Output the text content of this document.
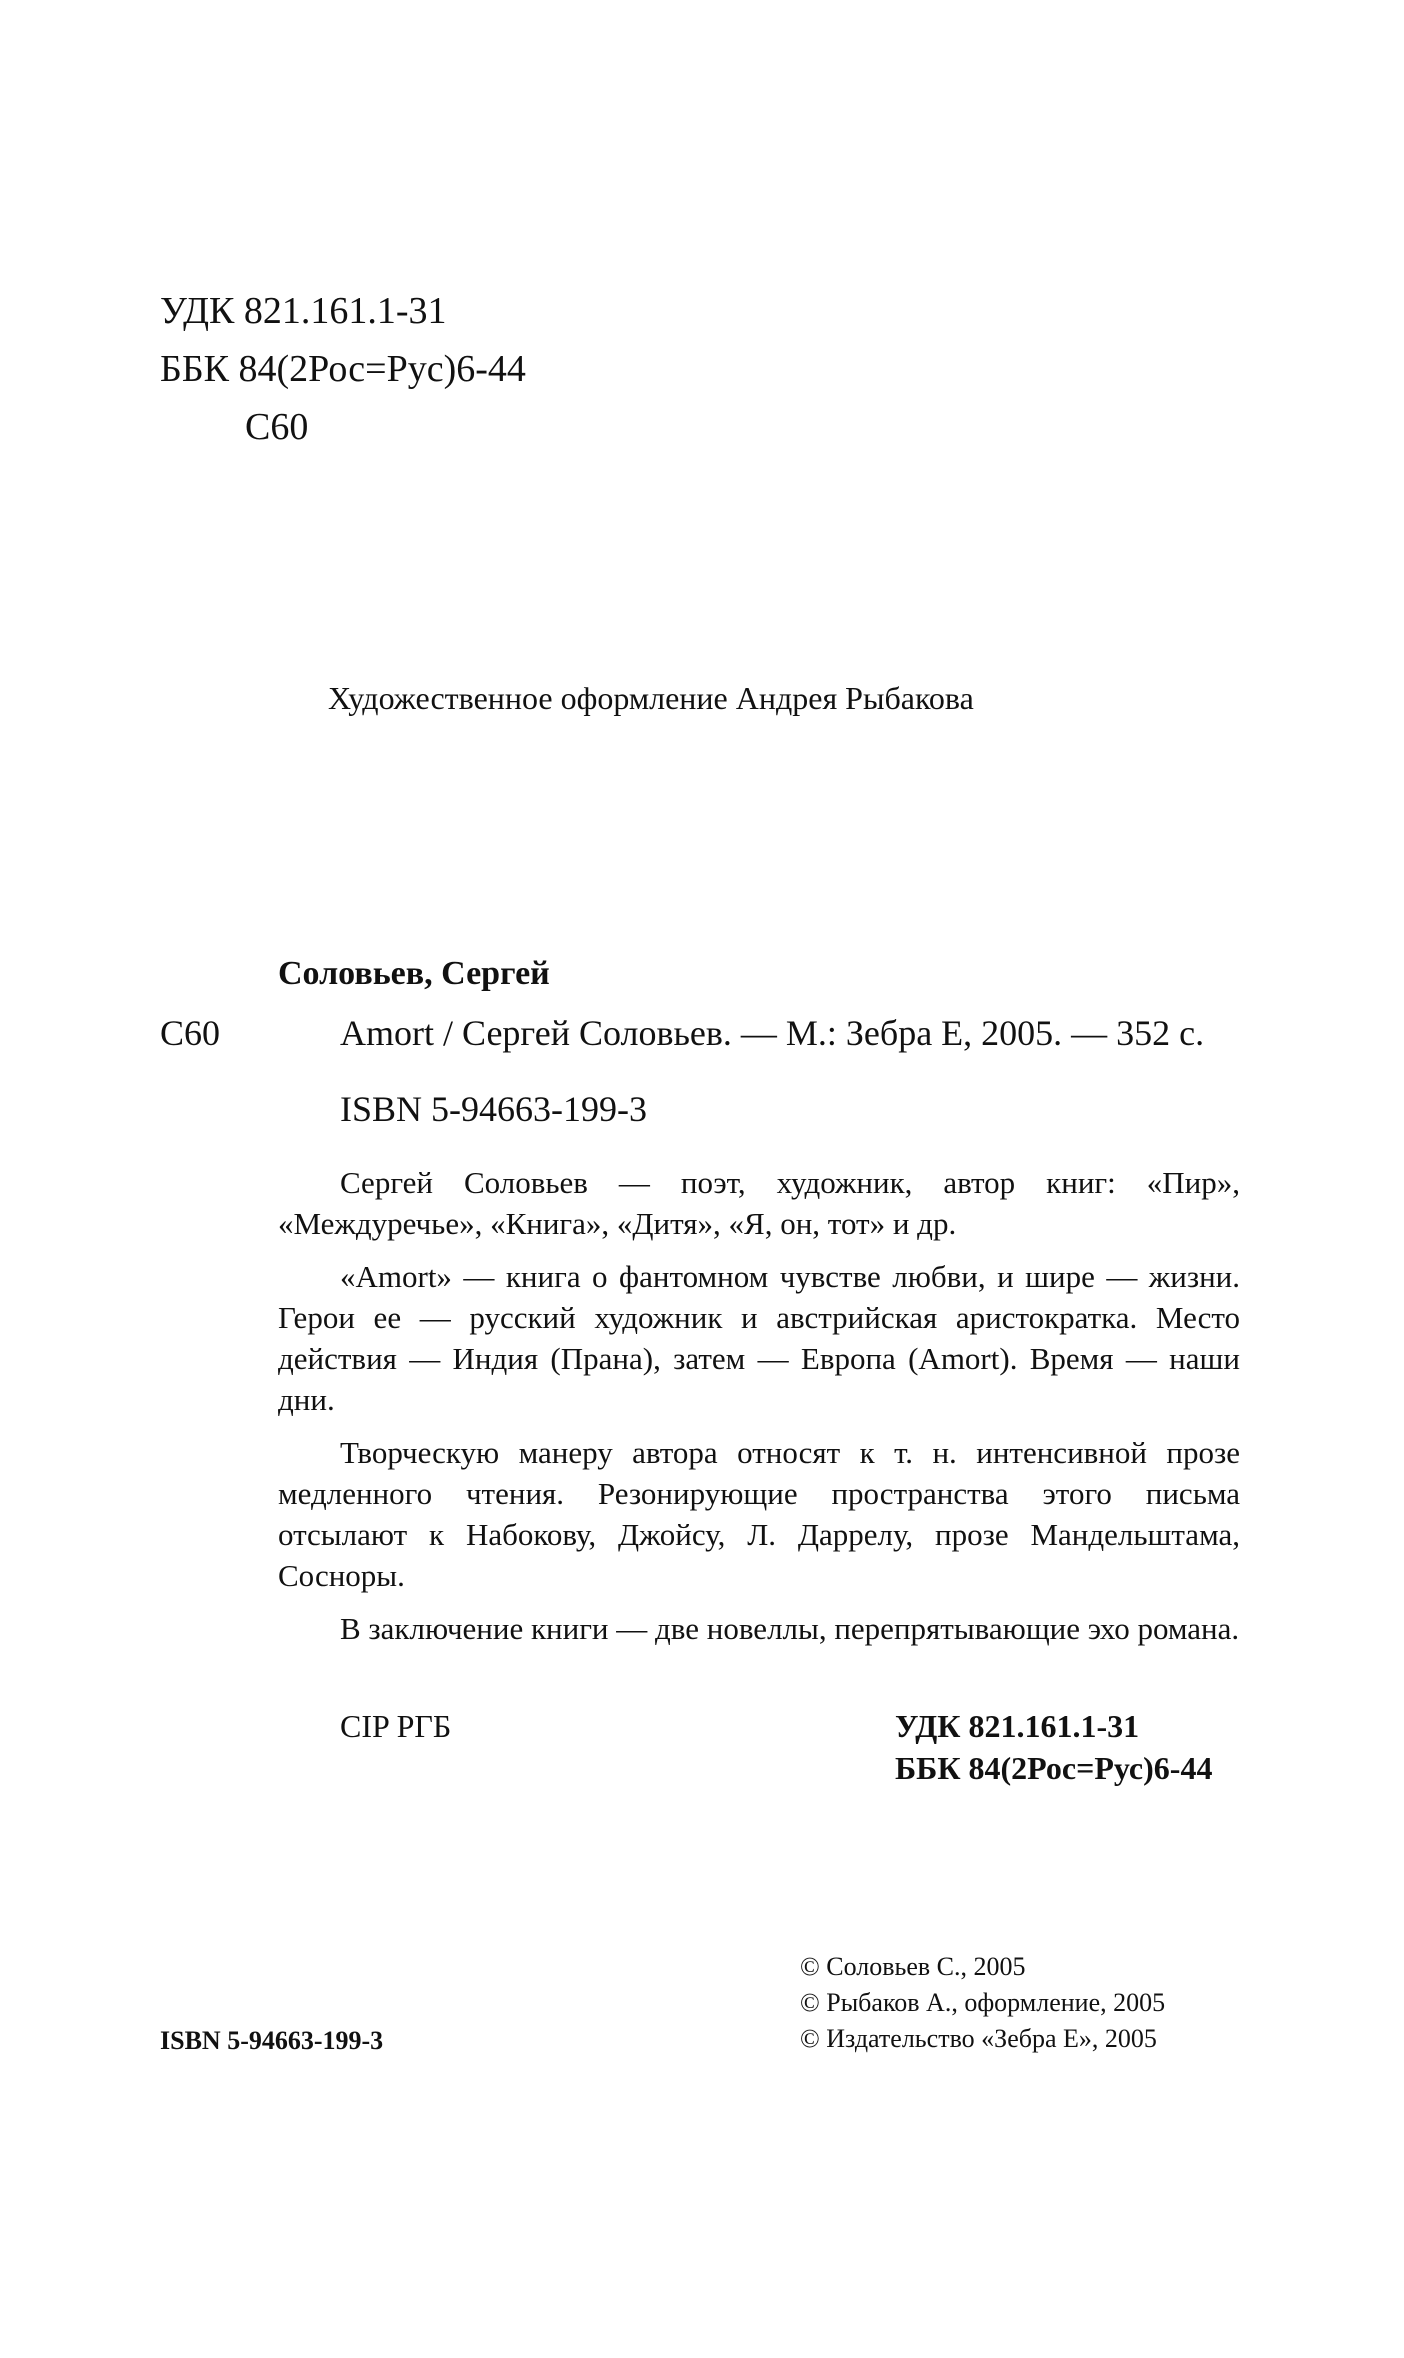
УДК 821.161.1-31
ББК 84(2Рос=Рус)6-44
С60
Художественное оформление Андрея Рыбакова
Соловьев, Сергей
С60	Amort / Сергей Соловьев. — М.: Зебра Е, 2005. — 352 с.
ISBN 5-94663-199-3

Сергей Соловьев — поэт, художник, автор книг: «Пир», «Междуречье», «Книга», «Дитя», «Я, он, тот» и др.

«Amort» — книга о фантомном чувстве любви, и шире — жизни. Герои ее — русский художник и австрийская аристократка. Место действия — Индия (Прана), затем — Европа (Amort). Время — наши дни.

Творческую манеру автора относят к т. н. интенсивной прозе медленного чтения. Резонирующие пространства этого письма отсылают к Набокову, Джойсу, Л. Даррелу, прозе Мандельштама, Сосноры.

В заключение книги — две новеллы, перепрятывающие эхо романа.

CIP РГБ	УДК 821.161.1-31
ББК 84(2Рос=Рус)6-44
© Соловьев С., 2005
© Рыбаков А., оформление, 2005
© Издательство «Зебра Е», 2005
ISBN 5-94663-199-3
